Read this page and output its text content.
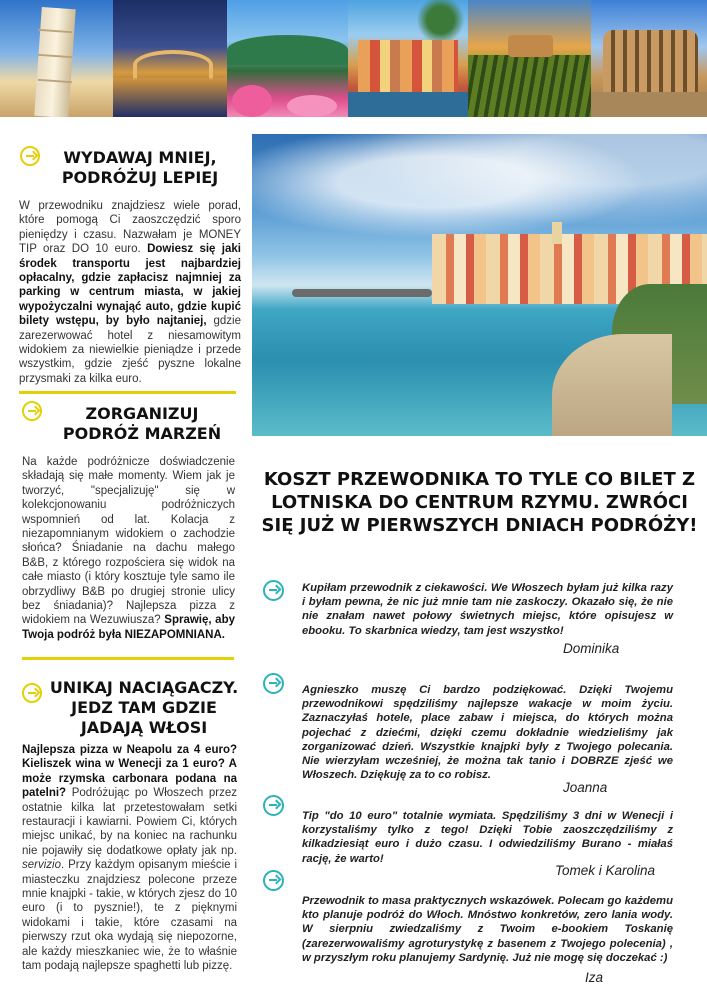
WYDAWAJ MNIEJ,
PODRÓŻUJ LEPIEJ
W przewodniku znajdziesz wiele porad, które pomogą Ci zaoszczędzić sporo pieniędzy i czasu. Nazwałam je MONEY TIP oraz DO 10 euro. Dowiesz się jaki środek transportu jest najbardziej opłacalny, gdzie zapłacisz najmniej za parking w centrum miasta, w jakiej wypożyczalni wynająć auto, gdzie kupić bilety wstępu, by było najtaniej, gdzie zarezerwować hotel z niesamowitym widokiem za niewielkie pieniądze i przede wszystkim, gdzie zjeść pyszne lokalne przysmaki za kilka euro.
ZORGANIZUJ
PODRÓŻ MARZEŃ
Na każde podróżnicze doświadczenie składają się małe momenty. Wiem jak je tworzyć, "specjalizuję" się w kolekcjonowaniu podróżniczych wspomnień od lat. Kolacja z niezapomnianym widokiem o zachodzie słońca? Śniadanie na dachu małego B&B, z którego rozpościera się widok na całe miasto (i który kosztuje tyle samo ile obrzydliwy B&B po drugiej stronie ulicy bez śniadania)? Najlepsza pizza z widokiem na Wezuwiusza? Sprawię, aby Twoja podróż była NIEZAPOMNIANA.
UNIKAJ NACIĄGACZY.
JEDZ TAM GDZIE
JADAJĄ WŁOSI
Najlepsza pizza w Neapolu za 4 euro? Kieliszek wina w Wenecji za 1 euro? A może rzymska carbonara podana na patelni? Podróżując po Włoszech przez ostatnie kilka lat przetestowałam setki restauracji i kawiarni. Powiem Ci, których miejsc unikać, by na koniec na rachunku nie pojawiły się dodatkowe opłaty jak np. servizio. Przy każdym opisanym mieście i miasteczku znajdziesz polecone przeze mnie knajpki - takie, w których zjesz do 10 euro (i to pysznie!), te z pięknymi widokami i takie, które czasami na pierwszy rzut oka wydają się niepozorne, ale każdy mieszkaniec wie, że to właśnie tam podają najlepsze spaghetti lub pizzę.
KOSZT PRZEWODNIKA TO TYLE CO BILET Z LOTNISKA DO CENTRUM RZYMU. ZWRÓCI SIĘ JUŻ W PIERWSZYCH DNIACH PODRÓŻY!
Kupiłam przewodnik z ciekawości. We Włoszech byłam już kilka razy i byłam pewna, że nic już mnie tam nie zaskoczy. Okazało się, że nie nie znałam nawet połowy świetnych miejsc, które opisujesz w ebooku. To skarbnica wiedzy, tam jest wszystko!
Dominika
Agnieszko muszę Ci bardzo podziękować. Dzięki Twojemu przewodnikowi spędziliśmy najlepsze wakacje w moim życiu. Zaznaczyłaś hotele, place zabaw i miejsca, do których można pojechać z dziećmi, dzięki czemu dokładnie wiedzieliśmy jak zorganizować dzień. Wszystkie knajpki były z Twojego polecania. Nie wierzyłam wcześniej, że można tak tanio i DOBRZE zjeść we Włoszech. Dziękuję za to co robisz.
Joanna
Tip "do 10 euro" totalnie wymiata. Spędziliśmy 3 dni w Wenecji i korzystaliśmy tylko z tego! Dzięki Tobie zaoszczędziliśmy z kilkadziesiąt euro i dużo czasu. I odwiedziliśmy Burano - miałaś rację, że warto!
Tomek i Karolina
Przewodnik to masa praktycznych wskazówek. Polecam go każdemu kto planuje podróż do Włoch. Mnóstwo konkretów, zero lania wody. W sierpniu zwiedzaliśmy z Twoim e-bookiem Toskanię (zarezerwowaliśmy agroturystykę z basenem z Twojego polecenia) , w przyszłym roku planujemy Sardynię. Już nie mogę się doczekać :)
Iza
